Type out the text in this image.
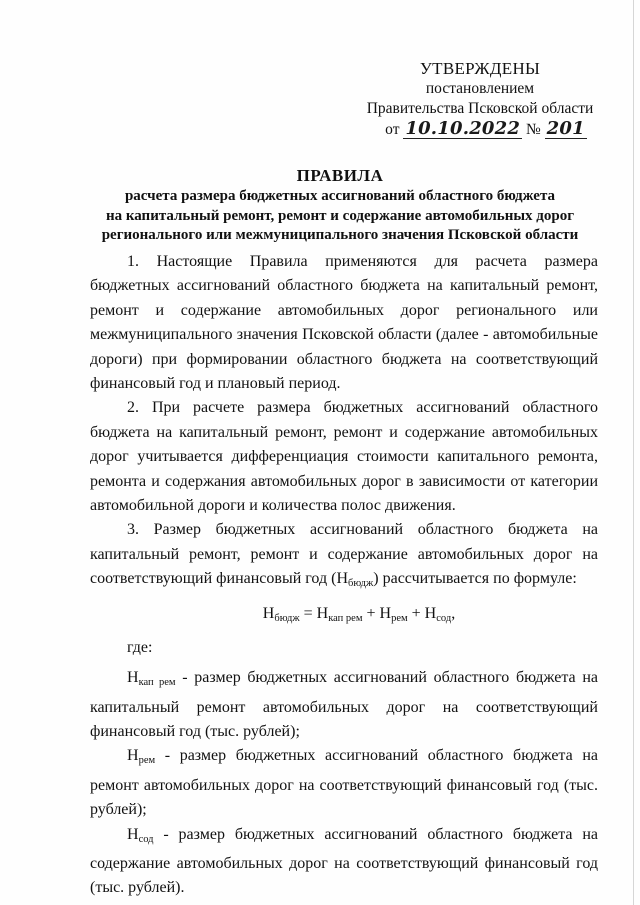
УТВЕРЖДЕНЫ
постановлением
Правительства Псковской области
от 10.10.2022 № 201
ПРАВИЛА
расчета размера бюджетных ассигнований областного бюджета
на капитальный ремонт, ремонт и содержание автомобильных дорог
регионального или межмуниципального значения Псковской области

1. Настоящие Правила применяются для расчета размера бюджетных ассигнований областного бюджета на капитальный ремонт, ремонт и содержание автомобильных дорог регионального или межмуниципального значения Псковской области (далее - автомобильные дороги) при формировании областного бюджета на соответствующий финансовый год и плановый период.

2. При расчете размера бюджетных ассигнований областного бюджета на капитальный ремонт, ремонт и содержание автомобильных дорог учитывается дифференциация стоимости капитального ремонта, ремонта и содержания автомобильных дорог в зависимости от категории автомобильной дороги и количества полос движения.

3. Размер бюджетных ассигнований областного бюджета на капитальный ремонт, ремонт и содержание автомобильных дорог на соответствующий финансовый год $(Н_{бюдж})$ рассчитывается по формуле:

$Н_{бюдж} = Н_{кап рем} + Н_{рем} + Н_{сод}$,
где:

$Н_{кап рем}$ - размер бюджетных ассигнований областного бюджета на капитальный ремонт автомобильных дорог на соответствующий финансовый год (тыс. рублей);

$Н_{рем}$ - размер бюджетных ассигнований областного бюджета на ремонт автомобильных дорог на соответствующий финансовый год (тыс. рублей);

$Н_{сод}$ - размер бюджетных ассигнований областного бюджета на содержание автомобильных дорог на соответствующий финансовый год (тыс. рублей).
